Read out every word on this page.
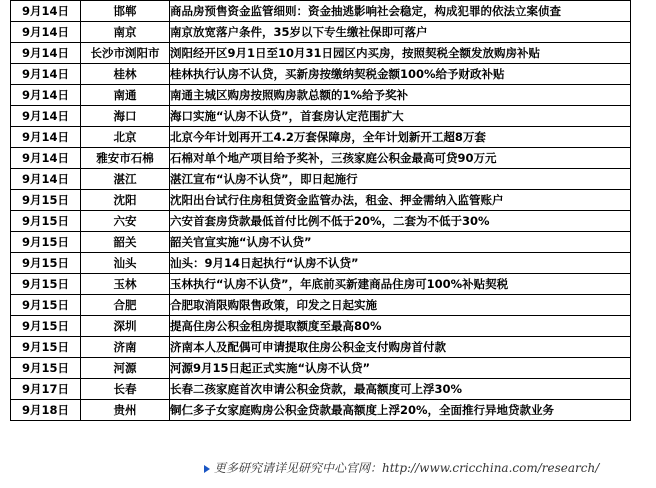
9月14日	邯郸	商品房预售资金监管细则：资金抽逃影响社会稳定，构成犯罪的依法立案侦查
9月14日	南京	南京放宽落户条件，35岁以下专生缴社保即可落户
9月14日	长沙市浏阳市	浏阳经开区9月1日至10月31日园区内买房，按照契税全额发放购房补贴
9月14日	桂林	桂林执行认房不认贷，买新房按缴纳契税金额100%给予财政补贴
9月14日	南通	南通主城区购房按照购房款总额的1%给予奖补
9月14日	海口	海口实施“认房不认贷”，首套房认定范围扩大
9月14日	北京	北京今年计划再开工4.2万套保障房，全年计划新开工超8万套
9月14日	雅安市石棉	石棉对单个地产项目给予奖补，三孩家庭公积金最高可贷90万元
9月14日	湛江	湛江宣布“认房不认贷”，即日起施行
9月15日	沈阳	沈阳出台试行住房租赁资金监管办法，租金、押金需纳入监管账户
9月15日	六安	六安首套房贷款最低首付比例不低于20%，二套为不低于30%
9月15日	韶关	韶关官宣实施“认房不认贷”
9月15日	汕头	汕头：9月14日起执行“认房不认贷”
9月15日	玉林	玉林执行“认房不认贷”，年底前买新建商品住房可100%补贴契税
9月15日	合肥	合肥取消限购限售政策，印发之日起实施
9月15日	深圳	提高住房公积金租房提取额度至最高80%
9月15日	济南	济南本人及配偶可申请提取住房公积金支付购房首付款
9月15日	河源	河源9月15日起正式实施“认房不认贷”
9月17日	长春	长春二孩家庭首次申请公积金贷款，最高额度可上浮30%
9月18日	贵州	铜仁多子女家庭购房公积金贷款最高额度上浮20%，全面推行异地贷款业务
更多研究请详见研究中心官网：http://www.cricchina.com/research/
